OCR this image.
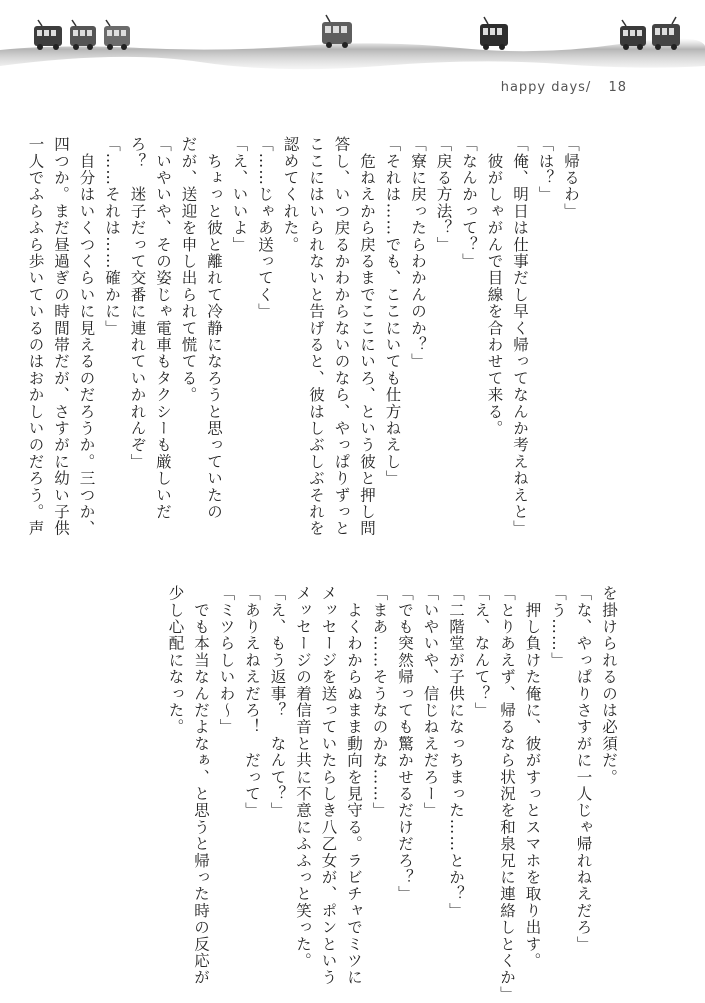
happy days/ 18
「帰るわ」
「は？」
「俺、明日は仕事だし早く帰ってなんか考えねえと」
　彼がしゃがんで目線を合わせて来る。
「なんかって？」
「戻る方法？」
「寮に戻ったらわかんのか？」
「それは……でも、ここにいても仕方ねえし」
　危ねえから戻るまでここにいろ、という彼と押し問
答し、いつ戻るかわからないのなら、やっぱりずっと
ここにはいられないと告げると、彼はしぶしぶそれを
認めてくれた。
「……じゃあ送ってく」
「え、いいよ」
　ちょっと彼と離れて冷静になろうと思っていたの
だが、送迎を申し出られて慌てる。
「いやいや、その姿じゃ電車もタクシーも厳しいだ
ろ？　迷子だって交番に連れていかれんぞ」
「……それは……確かに」
　自分はいくつくらいに見えるのだろうか。三つか、
四つか。まだ昼過ぎの時間帯だが、さすがに幼い子供
一人でふらふら歩いているのはおかしいのだろう。声
を掛けられるのは必須だ。
「な、やっぱりさすがに一人じゃ帰れねえだろ」
「う……」
　押し負けた俺に、彼がすっとスマホを取り出す。
「とりあえず、帰るなら状況を和泉兄に連絡しとくか」
「え、なんて？」
「二階堂が子供になっちまった……とか？」
「いやいや、信じねえだろー」
「でも突然帰っても驚かせるだけだろ？」
「まあ……そうなのかな……」
　よくわからぬまま動向を見守る。ラビチャでミツに
メッセージを送っていたらしき八乙女が、ポンという
メッセージの着信音と共に不意にふふっと笑った。
「え、もう返事？　なんて？」
「ありえねえだろ！　だって」
「ミツらしいわ～」
　でも本当なんだよなぁ、と思うと帰った時の反応が
少し心配になった。
